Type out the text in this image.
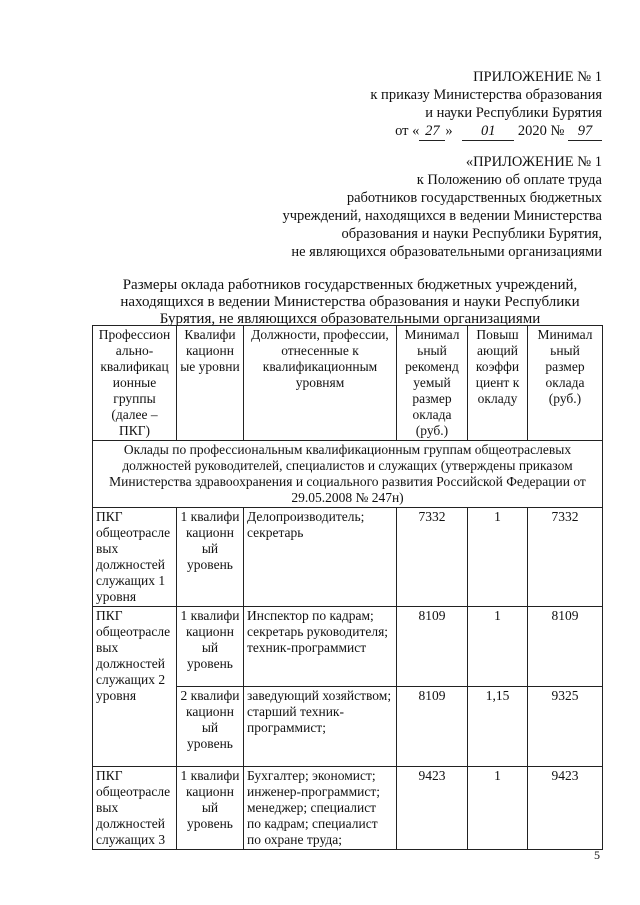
ПРИЛОЖЕНИЕ № 1
к приказу Министерства образования
и науки Республики Бурятия
от « 27 » 01 2020 № 97
«ПРИЛОЖЕНИЕ № 1
к Положению об оплате труда
работников государственных бюджетных
учреждений, находящихся в ведении Министерства
образования и науки Республики Бурятия,
не являющихся образовательными организациями
Размеры оклада работников государственных бюджетных учреждений, находящихся в ведении Министерства образования и науки Республики Бурятия, не являющихся образовательными организациями
Профессион ально-квалификац ионные группы (далее – ПКГ)	Квалифи кационн ые уровни	Должности, профессии, отнесенные к квалификационным уровням	Минимал ьный рекоменд уемый размер оклада (руб.)	Повыш ающий коэффи циент к окладу	Минимал ьный размер оклада (руб.)
Оклады по профессиональным квалификационным группам общеотраслевых должностей руководителей, специалистов и служащих (утверждены приказом Министерства здравоохранения и социального развития Российской Федерации от 29.05.2008 № 247н)					
ПКГ общеотрасле вых должностей служащих 1 уровня	1 квалифи кационн ый уровень	Делопроизводитель; секретарь	7332	1	7332
ПКГ общеотрасле вых должностей служащих 2 уровня	1 квалифи кационн ый уровень	Инспектор по кадрам; секретарь руководителя; техник-программист	8109	1	8109
	2 квалифи кационн ый уровень	заведующий хозяйством; старший техник-программист;	8109	1,15	9325
ПКГ общеотрасле вых должностей служащих 3	1 квалифи кационн ый уровень	Бухгалтер; экономист; инженер-программист; менеджер; специалист по кадрам; специалист по охране труда;	9423	1	9423
5
